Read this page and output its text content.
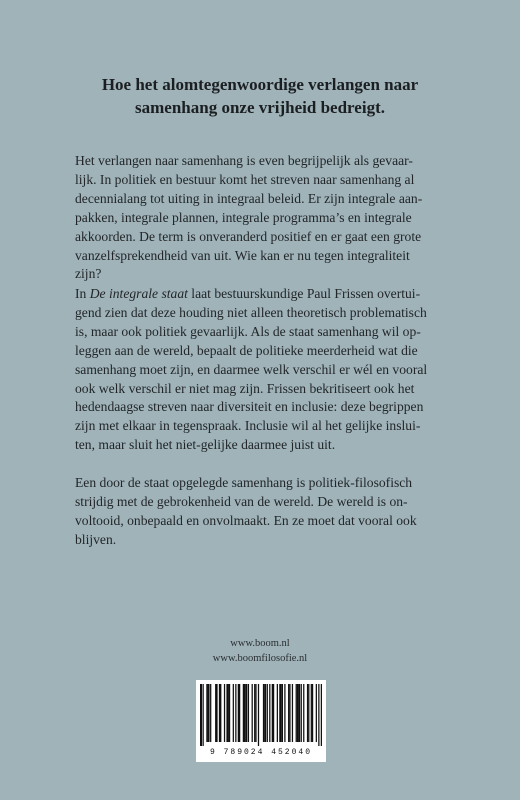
Hoe het alomtegenwoordige verlangen naar
samenhang onze vrijheid bedreigt.
Het verlangen naar samenhang is even begrijpelijk als gevaar-
lijk. In politiek en bestuur komt het streven naar samenhang al
decennialang tot uiting in integraal beleid. Er zijn integrale aan-
pakken, integrale plannen, integrale programma’s en integrale
akkoorden. De term is onveranderd positief en er gaat een grote
vanzelfsprekendheid van uit. Wie kan er nu tegen integraliteit
zijn?
In De integrale staat laat bestuurskundige Paul Frissen overtui-
gend zien dat deze houding niet alleen theoretisch problematisch
is, maar ook politiek gevaarlijk. Als de staat samenhang wil op-
leggen aan de wereld, bepaalt de politieke meerderheid wat die
samenhang moet zijn, en daarmee welk verschil er wél en vooral
ook welk verschil er niet mag zijn. Frissen bekritiseert ook het
hedendaagse streven naar diversiteit en inclusie: deze begrippen
zijn met elkaar in tegenspraak. Inclusie wil al het gelijke inslui-
ten, maar sluit het niet-gelijke daarmee juist uit.
Een door de staat opgelegde samenhang is politiek-filosofisch
strijdig met de gebrokenheid van de wereld. De wereld is on-
voltooid, onbepaald en onvolmaakt. En ze moet dat vooral ook
blijven.
www.boom.nl
www.boomfilosofie.nl
9 789024 452040
